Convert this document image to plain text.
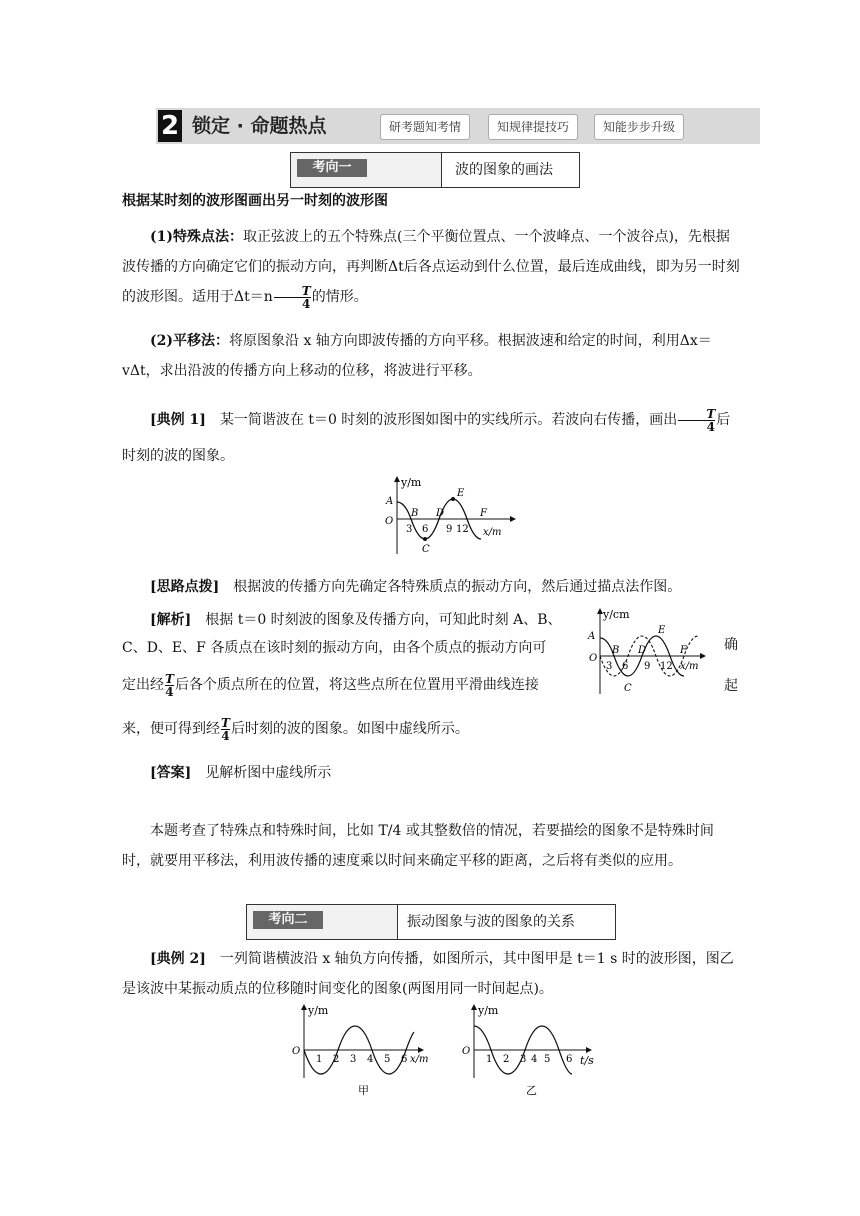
2 锁定 · 命题热点	研考题知考情	知规律提技巧	知能步步升级
考向一	波的图象的画法

根据某时刻的波形图画出另一时刻的波形图

(1)特殊点法：取正弦波上的五个特殊点(三个平衡位置点、一个波峰点、一个波谷点)，先根据波传播的方向确定它们的振动方向，再判断Δt后各点运动到什么位置，最后连成曲线，即为另一时刻的波形图。适用于$\Delta t=n \frac{T}{4}$ 的情形。

(2)平移法：将原图象沿 x 轴方向即波传播的方向平移。根据波速和给定的时间，利用Δx＝vΔt，求出沿波的传播方向上移动的位移，将波进行平移。

[典例 1]　 某一简谐波在 t＝0 时刻的波形图如图中的实线所示。若波向右传播，画出 $\frac{T}{4}$ 后时刻的波的图象。

y/m
x/m
O
3 6 9 12
A
B
C
D
E
F

[思路点拨]　 根据波的传播方向先确定各特殊质点的振动方向，然后通过描点法作图。

[解析]　 根据 t＝0 时刻波的图象及传播方向，可知此时刻 A、B、C、D、E、F 各质点在该时刻的振动方向，由各个质点的振动方向可	确

定出经 $\frac{T}{4}$ 后各个质点所在的位置，将这些点所在位置用平滑曲线连接	起

来，便可得到经 $\frac{T}{4}$ 后时刻的波的图象。如图中虚线所示。

y/cm
O
A
B
C
D
E
F
3 6 9 12 x/m

[答案]　 见解析图中虚线所示

本题考查了特殊点和特殊时间，比如 T/4 或其整数倍的情况，若要描绘的图象不是特殊时间时，就要用平移法，利用波传播的速度乘以时间来确定平移的距离，之后将有类似的应用。

考向二	振动图象与波的图象的关系

[典例 2]　 一列简谐横波沿 x 轴负方向传播，如图所示，其中图甲是 t＝1 s 时的波形图，图乙是该波中某振动质点的位移随时间变化的图象(两图用同一时间起点)。

y/m
O
1 2 3 4 5 6 x/m
甲
y/m
O
1 2 3 4 5 6 t/s
乙
